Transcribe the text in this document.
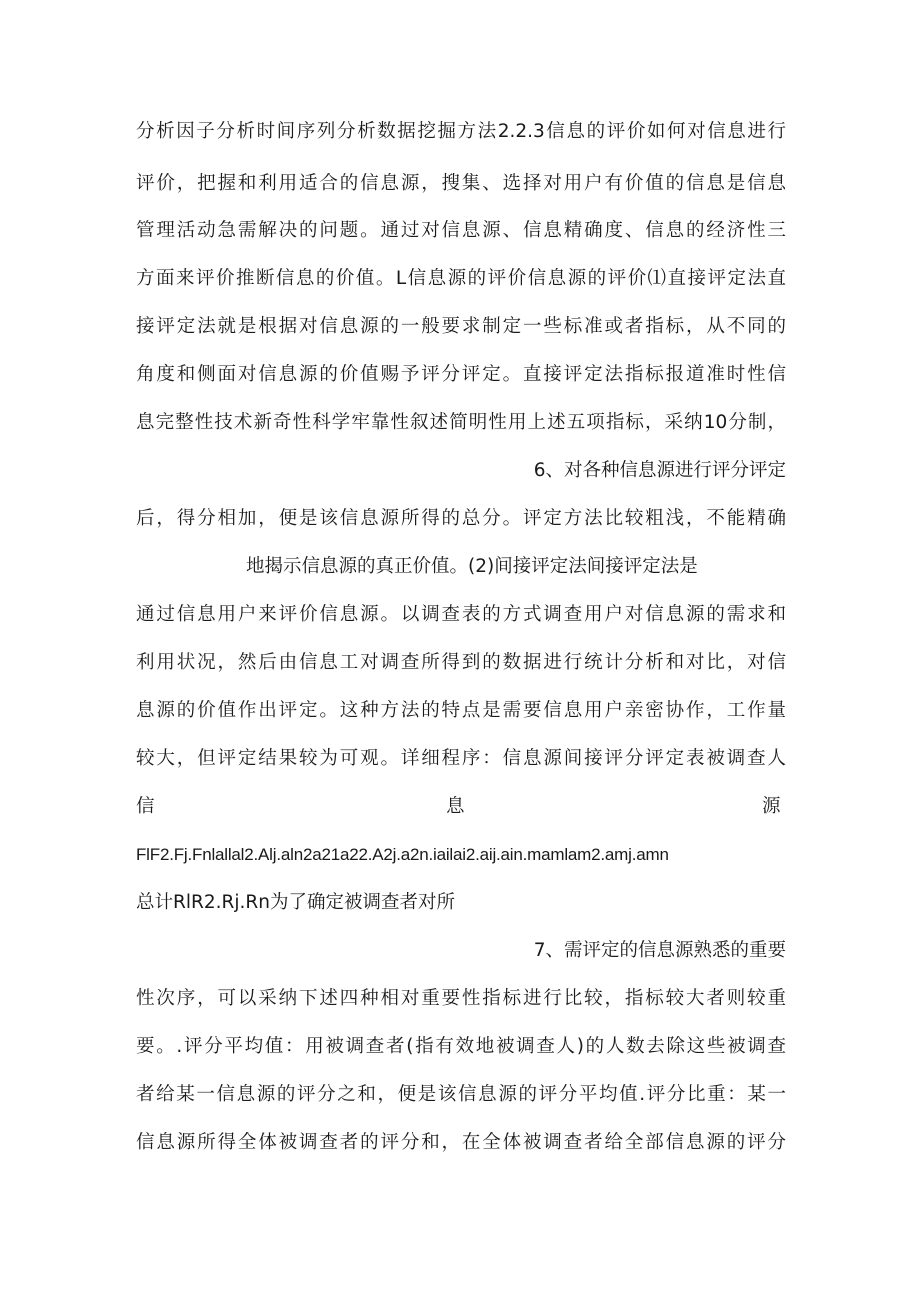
分析因子分析时间序列分析数据挖掘方法2.2.3信息的评价如何对信息进行
评价，把握和利用适合的信息源，搜集、选择对用户有价值的信息是信息
管理活动急需解决的问题。通过对信息源、信息精确度、信息的经济性三
方面来评价推断信息的价值。L信息源的评价信息源的评价⑴直接评定法直
接评定法就是根据对信息源的一般要求制定一些标准或者指标，从不同的
角度和侧面对信息源的价值赐予评分评定。直接评定法指标报道准时性信
息完整性技术新奇性科学牢靠性叙述简明性用上述五项指标，采纳10分制，
6、对各种信息源进行评分评定
后，得分相加，便是该信息源所得的总分。评定方法比较粗浅，不能精确
地揭示信息源的真正价值。(2)间接评定法间接评定法是
通过信息用户来评价信息源。以调查表的方式调查用户对信息源的需求和
利用状况，然后由信息工对调查所得到的数据进行统计分析和对比，对信
息源的价值作出评定。这种方法的特点是需要信息用户亲密协作，工作量
较大，但评定结果较为可观。详细程序：信息源间接评分评定表被调查人
信	息	源
FlF2.Fj.Fnlallal2.Alj.aln2a21a22.A2j.a2n.iailai2.aij.ain.mamlam2.amj.amn
总计RlR2.Rj.Rn为了确定被调查者对所
7、需评定的信息源熟悉的重要
性次序，可以采纳下述四种相对重要性指标进行比较，指标较大者则较重
要。.评分平均值：用被调查者(指有效地被调查人)的人数去除这些被调查
者给某一信息源的评分之和，便是该信息源的评分平均值.评分比重：某一
信息源所得全体被调查者的评分和，在全体被调查者给全部信息源的评分
